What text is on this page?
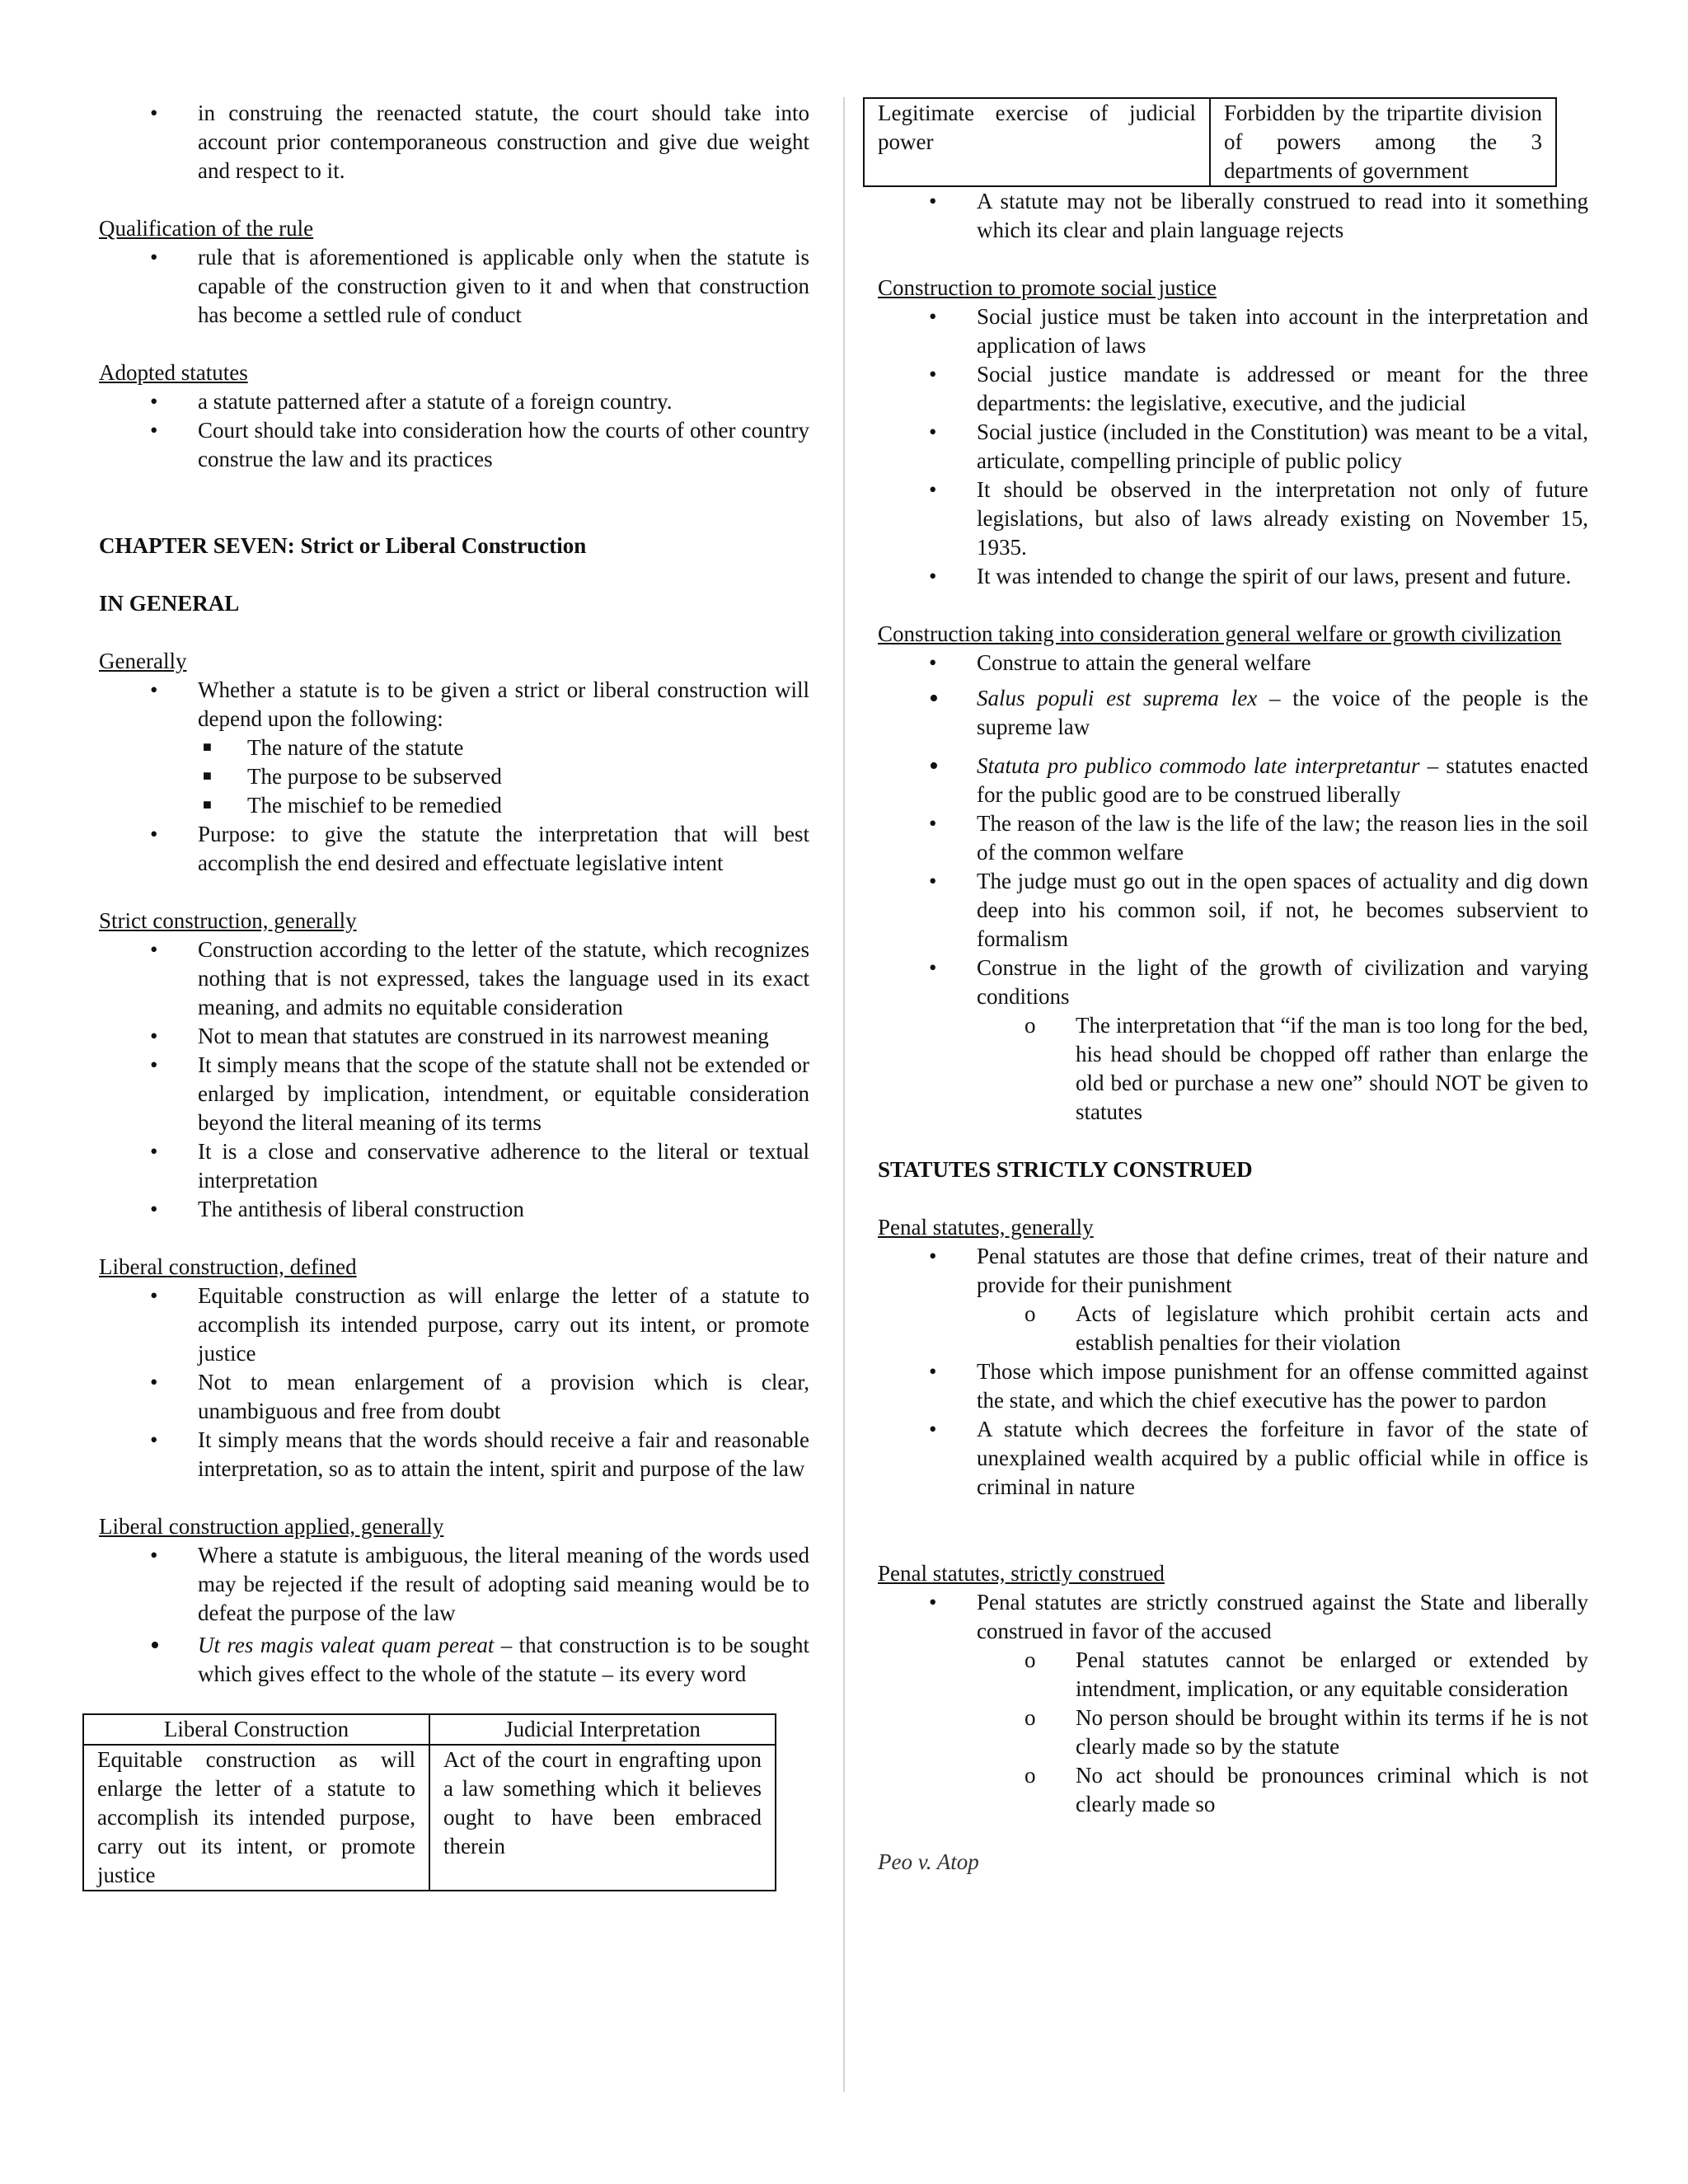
• in construing the reenacted statute, the court should take into account prior contemporaneous construction and give due weight and respect to it.

Qualification of the rule

• rule that is aforementioned is applicable only when the statute is capable of the construction given to it and when that construction has become a settled rule of conduct

Adopted statutes

• a statute patterned after a statute of a foreign country.
• Court should take into consideration how the courts of other country construe the law and its practices

CHAPTER SEVEN: Strict or Liberal Construction

IN GENERAL

Generally

• Whether a statute is to be given a strict or liberal construction will depend upon the following:
■ The nature of the statute
■ The purpose to be subserved
■ The mischief to be remedied
• Purpose: to give the statute the interpretation that will best accomplish the end desired and effectuate legislative intent

Strict construction, generally

• Construction according to the letter of the statute, which recognizes nothing that is not expressed, takes the language used in its exact meaning, and admits no equitable consideration
• Not to mean that statutes are construed in its narrowest meaning
• It simply means that the scope of the statute shall not be extended or enlarged by implication, intendment, or equitable consideration beyond the literal meaning of its terms
• It is a close and conservative adherence to the literal or textual interpretation
• The antithesis of liberal construction

Liberal construction, defined

• Equitable construction as will enlarge the letter of a statute to accomplish its intended purpose, carry out its intent, or promote justice
• Not to mean enlargement of a provision which is clear, unambiguous and free from doubt
• It simply means that the words should receive a fair and reasonable interpretation, so as to attain the intent, spirit and purpose of the law

Liberal construction applied, generally

• Where a statute is ambiguous, the literal meaning of the words used may be rejected if the result of adopting said meaning would be to defeat the purpose of the law
• Ut res magis valeat quam pereat – that construction is to be sought which gives effect to the whole of the statute – its every word
Liberal Construction	Judicial Interpretation
Equitable construction as will enlarge the letter of a statute to accomplish its intended purpose, carry out its intent, or promote justice	Act of the court in engrafting upon a law something which it believes ought to have been embraced therein
Legitimate exercise of judicial power	Forbidden by the tripartite division of powers among the 3 departments of government
• A statute may not be liberally construed to read into it something which its clear and plain language rejects

Construction to promote social justice

• Social justice must be taken into account in the interpretation and application of laws
• Social justice mandate is addressed or meant for the three departments: the legislative, executive, and the judicial
• Social justice (included in the Constitution) was meant to be a vital, articulate, compelling principle of public policy
• It should be observed in the interpretation not only of future legislations, but also of laws already existing on November 15, 1935.
• It was intended to change the spirit of our laws, present and future.

Construction taking into consideration general welfare or growth civilization

• Construe to attain the general welfare
• Salus populi est suprema lex – the voice of the people is the supreme law
• Statuta pro publico commodo late interpretantur – statutes enacted for the public good are to be construed liberally
• The reason of the law is the life of the law; the reason lies in the soil of the common welfare
• The judge must go out in the open spaces of actuality and dig down deep into his common soil, if not, he becomes subservient to formalism
• Construe in the light of the growth of civilization and varying conditions
o The interpretation that “if the man is too long for the bed, his head should be chopped off rather than enlarge the old bed or purchase a new one” should NOT be given to statutes

STATUTES STRICTLY CONSTRUED

Penal statutes, generally

• Penal statutes are those that define crimes, treat of their nature and provide for their punishment
o Acts of legislature which prohibit certain acts and establish penalties for their violation
• Those which impose punishment for an offense committed against the state, and which the chief executive has the power to pardon
• A statute which decrees the forfeiture in favor of the state of unexplained wealth acquired by a public official while in office is criminal in nature

Penal statutes, strictly construed

• Penal statutes are strictly construed against the State and liberally construed in favor of the accused
o Penal statutes cannot be enlarged or extended by intendment, implication, or any equitable consideration
o No person should be brought within its terms if he is not clearly made so by the statute
o No act should be pronounces criminal which is not clearly made so

Peo v. Atop
